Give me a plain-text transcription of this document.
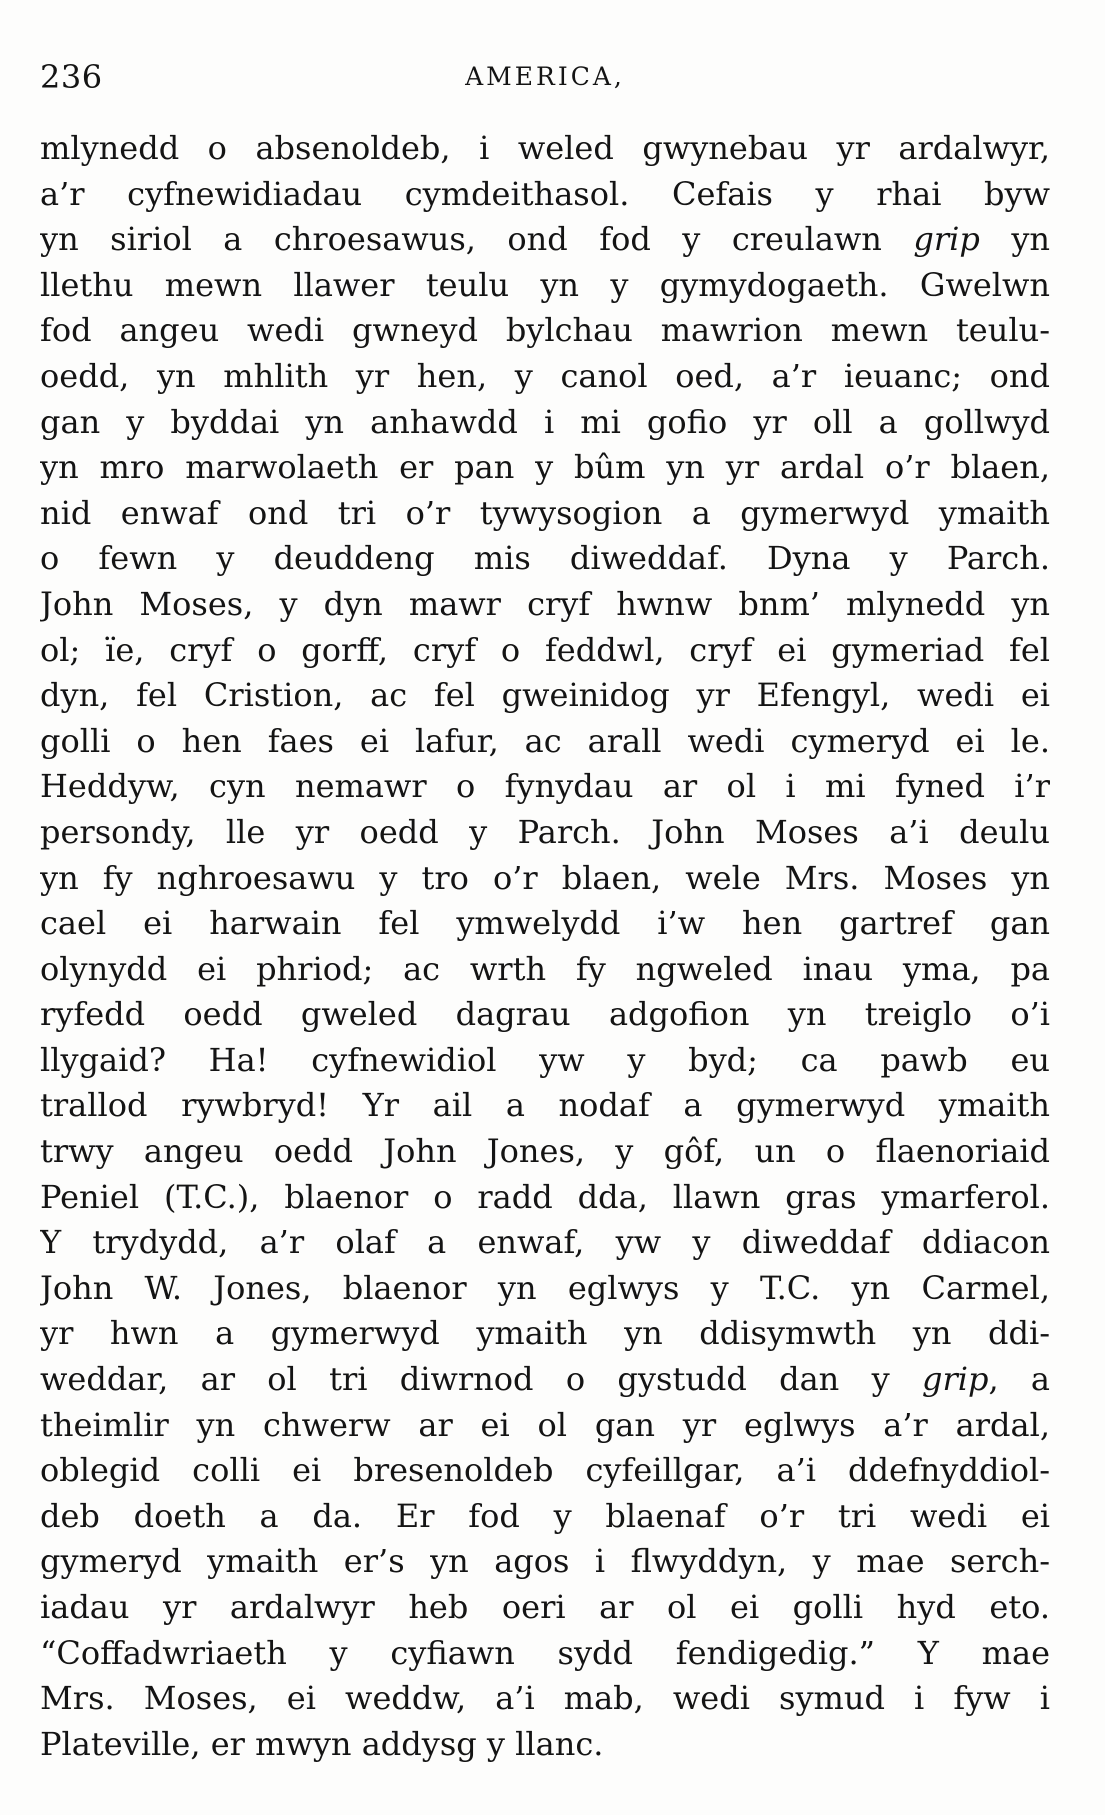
236	AMERICA,
mlynedd o absenoldeb, i weled gwynebau yr ardalwyr,
a’r cyfnewidiadau cymdeithasol. Cefais y rhai byw
yn siriol a chroesawus, ond fod y creulawn grip yn
llethu mewn llawer teulu yn y gymydogaeth. Gwelwn
fod angeu wedi gwneyd bylchau mawrion mewn teulu-
oedd, yn mhlith yr hen, y canol oed, a’r ieuanc; ond
gan y byddai yn anhawdd i mi gofio yr oll a gollwyd
yn mro marwolaeth er pan y bûm yn yr ardal o’r blaen,
nid enwaf ond tri o’r tywysogion a gymerwyd ymaith
o fewn y deuddeng mis diweddaf. Dyna y Parch.
John Moses, y dyn mawr cryf hwnw bnm’ mlynedd yn
ol; ïe, cryf o gorff, cryf o feddwl, cryf ei gymeriad fel
dyn, fel Cristion, ac fel gweinidog yr Efengyl, wedi ei
golli o hen faes ei lafur, ac arall wedi cymeryd ei le.
Heddyw, cyn nemawr o fynydau ar ol i mi fyned i’r
persondy, lle yr oedd y Parch. John Moses a’i deulu
yn fy nghroesawu y tro o’r blaen, wele Mrs. Moses yn
cael ei harwain fel ymwelydd i’w hen gartref gan
olynydd ei phriod; ac wrth fy ngweled inau yma, pa
ryfedd oedd gweled dagrau adgofion yn treiglo o’i
llygaid? Ha! cyfnewidiol yw y byd; ca pawb eu
trallod rywbryd! Yr ail a nodaf a gymerwyd ymaith
trwy angeu oedd John Jones, y gôf, un o flaenoriaid
Peniel (T.C.), blaenor o radd dda, llawn gras ymarferol.
Y trydydd, a’r olaf a enwaf, yw y diweddaf ddiacon
John W. Jones, blaenor yn eglwys y T.C. yn Carmel,
yr hwn a gymerwyd ymaith yn ddisymwth yn ddi-
weddar, ar ol tri diwrnod o gystudd dan y grip, a
theimlir yn chwerw ar ei ol gan yr eglwys a’r ardal,
oblegid colli ei bresenoldeb cyfeillgar, a’i ddefnyddiol-
deb doeth a da. Er fod y blaenaf o’r tri wedi ei
gymeryd ymaith er’s yn agos i flwyddyn, y mae serch-
iadau yr ardalwyr heb oeri ar ol ei golli hyd eto.
“Coffadwriaeth y cyfiawn sydd fendigedig.” Y mae
Mrs. Moses, ei weddw, a’i mab, wedi symud i fyw i
Plateville, er mwyn addysg y llanc.
